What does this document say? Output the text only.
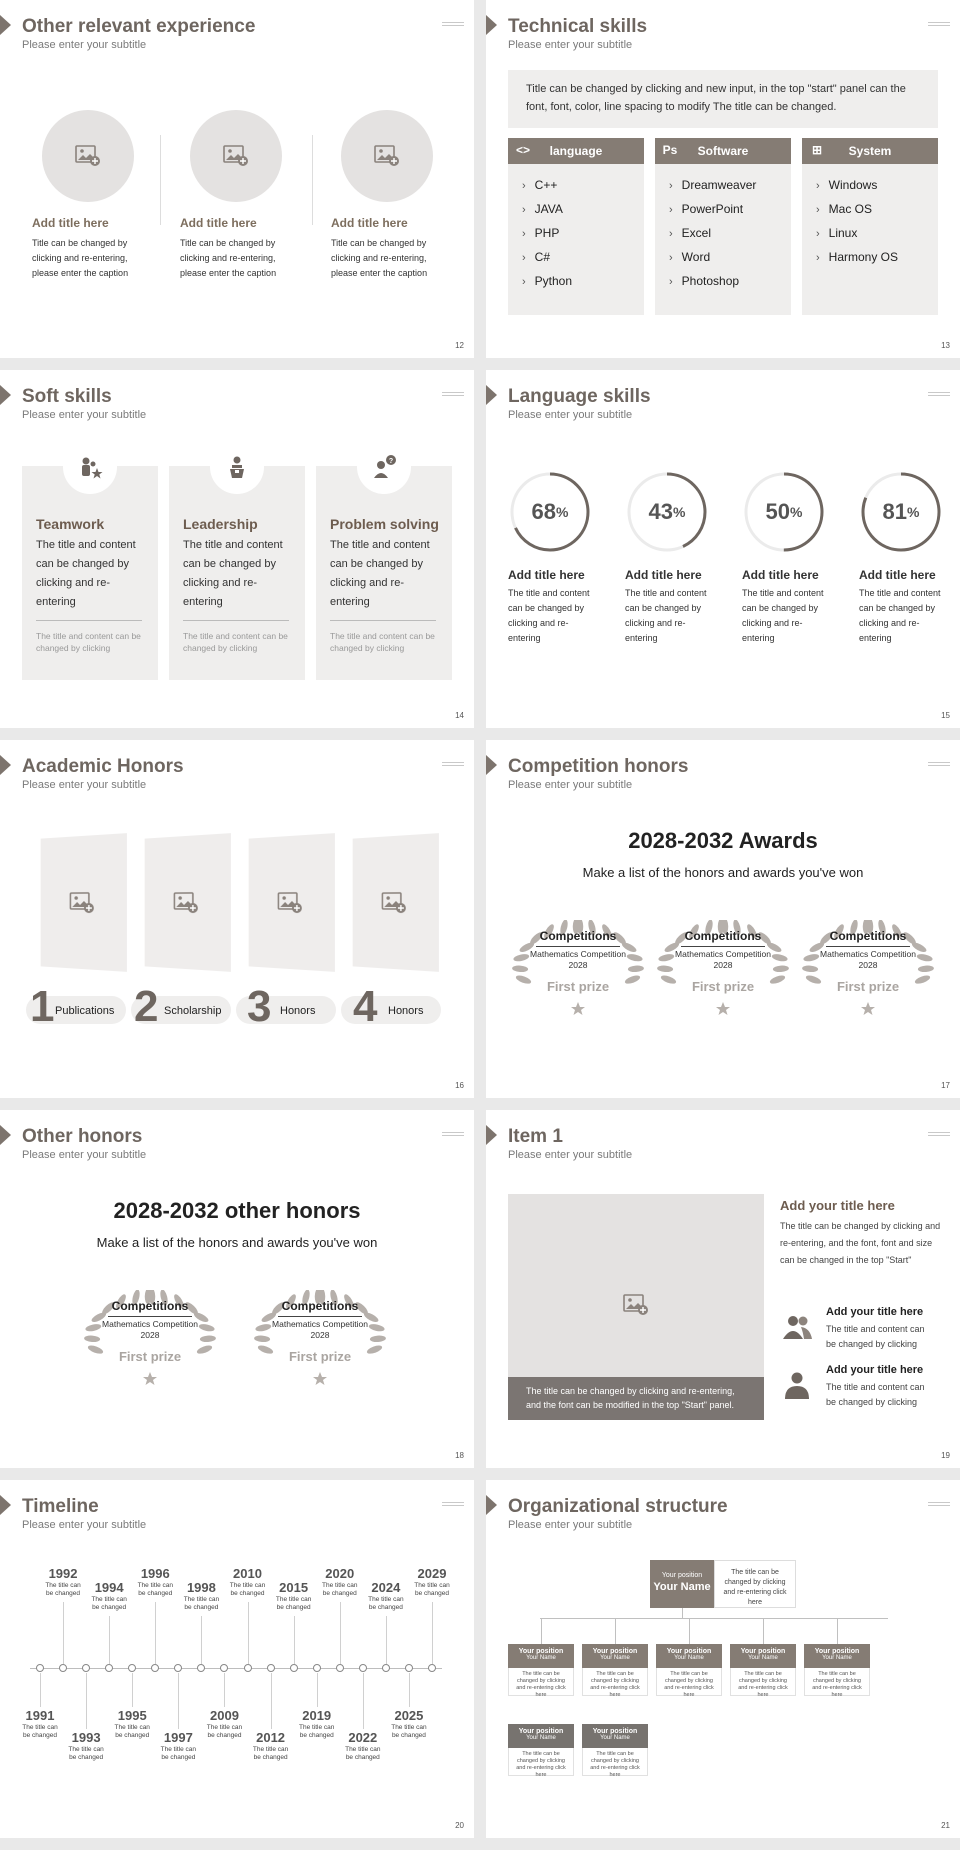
Other relevant experience
Please enter your subtitle
Add title here
Title can be changed by clicking and re-entering, please enter the caption
Add title here
Title can be changed by clicking and re-entering, please enter the caption
Add title here
Title can be changed by clicking and re-entering, please enter the caption
12
Technical skills
Please enter your subtitle
Title can be changed by clicking and new input, in the top "start" panel can the font, font, color, line spacing to modify The title can be changed.
<>	language
› C++
› JAVA
› PHP
› C#
› Python
Ps	Software
› Dreamweaver
› PowerPoint
› Excel
› Word
› Photoshop
⊞	System
› Windows
› Mac OS
› Linux
› Harmony OS
13
Soft skills
Please enter your subtitle
Teamwork
The title and content can be changed by clicking and re-entering
The title and content can be changed by clicking
Leadership
The title and content can be changed by clicking and re-entering
The title and content can be changed by clicking
Problem solving
The title and content can be changed by clicking and re-entering
The title and content can be changed by clicking
?
14
Language skills
Please enter your subtitle
68 %
Add title here
The title and content can be changed by clicking and re-entering
43 %
Add title here
The title and content can be changed by clicking and re-entering
50 %
Add title here
The title and content can be changed by clicking and re-entering
81 %
Add title here
The title and content can be changed by clicking and re-entering
15
Academic Honors
Please enter your subtitle
1 Publications 2 Scholarship 3 Honors 4 Honors
16
Competition honors
Please enter your subtitle
2028-2032 Awards
Make a list of the honors and awards you've won
Competitions
Mathematics Competition
2028
First prize
Competitions
Mathematics Competition
2028
First prize
Competitions
Mathematics Competition
2028
First prize
17
Other honors
Please enter your subtitle
2028-2032 other honors
Make a list of the honors and awards you've won
Competitions
Mathematics Competition
2028
First prize
Competitions
Mathematics Competition
2028
First prize
18
Item 1
Please enter your subtitle
The title can be changed by clicking and re-entering, and the font can be modified in the top "Start" panel.
Add your title here
The title can be changed by clicking and re-entering, and the font, font and size can be changed in the top "Start"
Add your title here
The title and content can be changed by clicking
Add your title here
The title and content can be changed by clicking
19
Timeline
Please enter your subtitle
1991
The title can be changed
1992
The title can be changed
1993
The title can be changed
1994
The title can be changed
1995
The title can be changed
1996
The title can be changed
1997
The title can be changed
1998
The title can be changed
2009
The title can be changed
2010
The title can be changed
2012
The title can be changed
2015
The title can be changed
2019
The title can be changed
2020
The title can be changed
2022
The title can be changed
2024
The title can be changed
2025
The title can be changed
2029
The title can be changed
20
Organizational structure
Please enter your subtitle
Your position
Your Name
The title can be changed by clicking and re-entering click here
Your position
Your Name
The title can be changed by clicking and re-entering click here
Your position
Your Name
The title can be changed by clicking and re-entering click here
Your position
Your Name
The title can be changed by clicking and re-entering click here
Your position
Your Name
The title can be changed by clicking and re-entering click here
Your position
Your Name
The title can be changed by clicking and re-entering click here
Your position
Your Name
The title can be changed by clicking and re-entering click here
Your position
Your Name
The title can be changed by clicking and re-entering click here
21
